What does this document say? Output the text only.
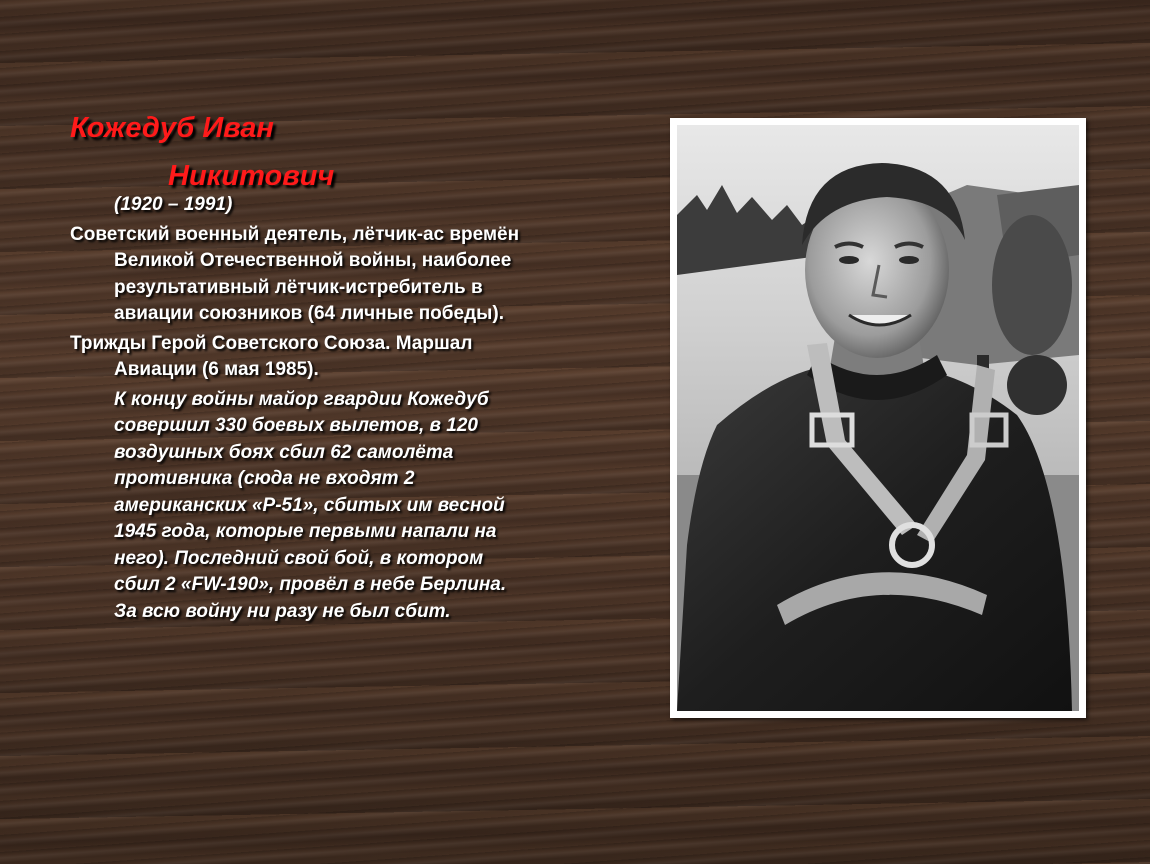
Кожедуб Иван
Никитович

(1920 – 1991)

Советский военный деятель, лётчик-ас времён Великой Отечественной войны, наиболее результативный лётчик-истребитель в авиации союзников (64 личные победы).

Трижды Герой Советского Союза. Маршал Авиации (6 мая 1985).

К концу войны майор гвардии Кожедуб совершил 330 боевых вылетов, в 120 воздушных боях сбил 62 самолёта противника (сюда не входят 2 американских «P-51», сбитых им весной 1945 года, которые первыми напали на него). Последний свой бой, в котором сбил 2 «FW-190», провёл в небе Берлина. За всю войну ни разу не был сбит.
